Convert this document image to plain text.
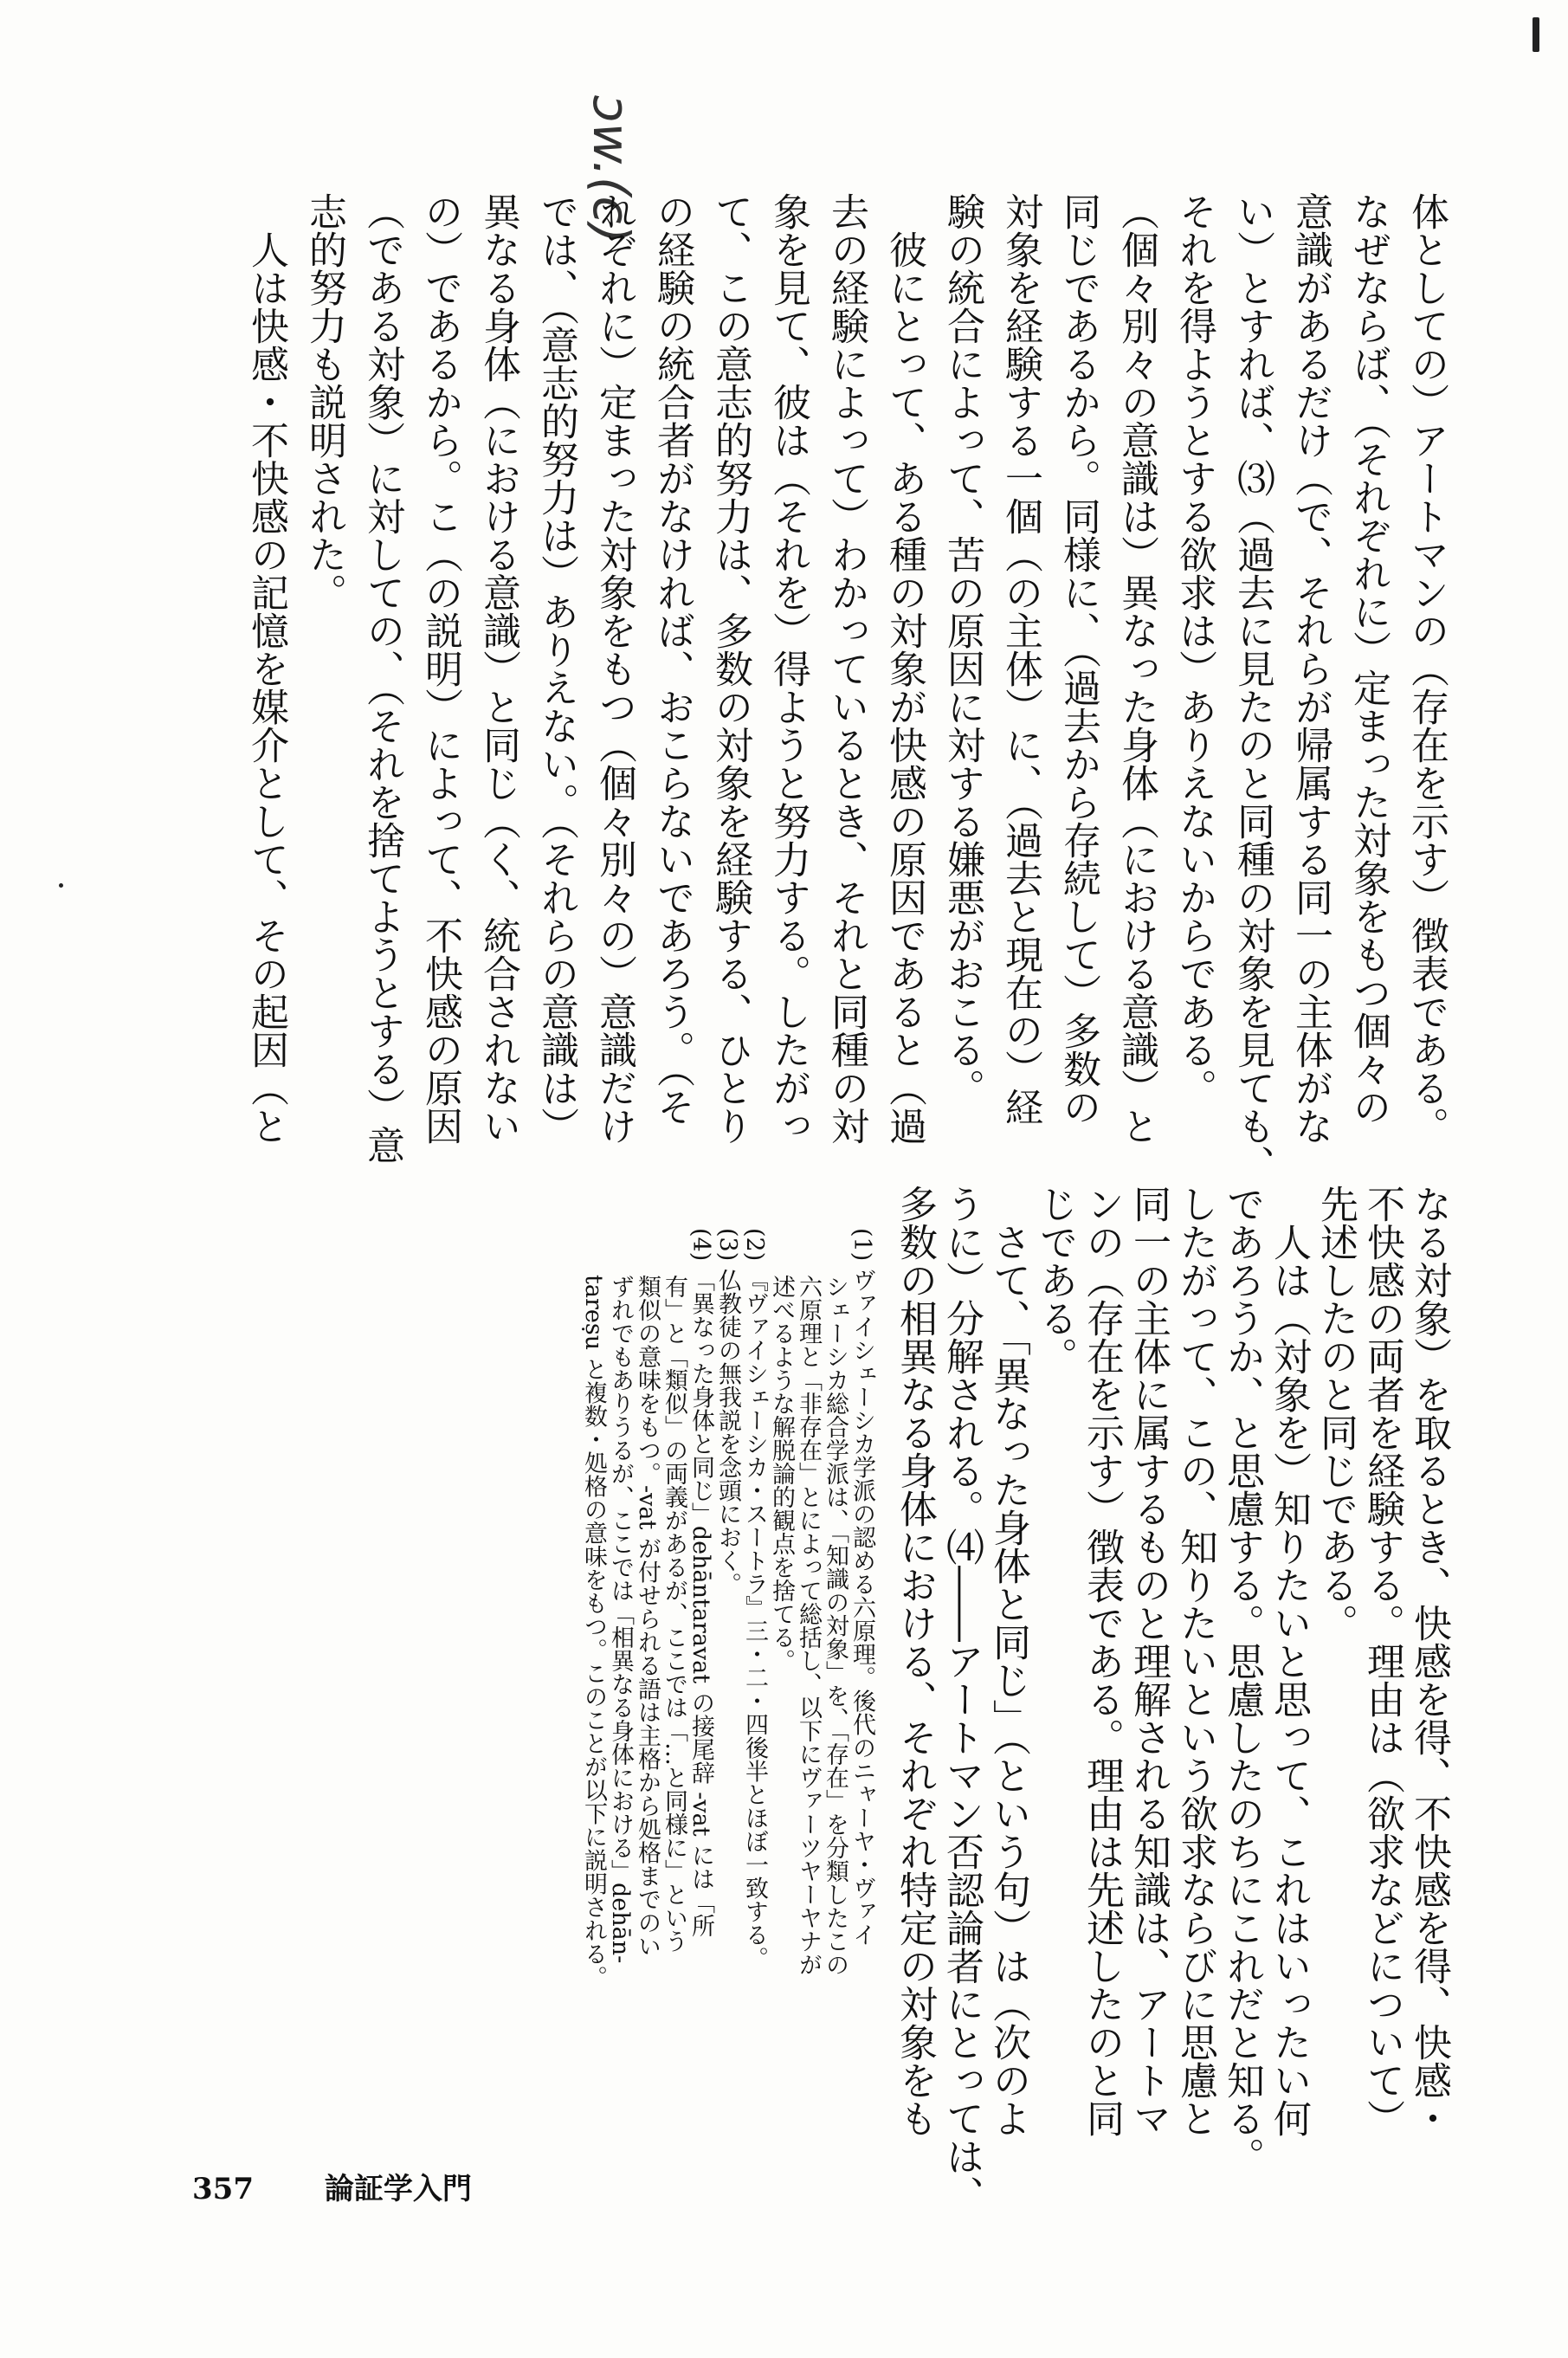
ɔw.(c)
体としての）アートマンの（存在を示す）徴表である。
なぜならば、（それぞれに）定まった対象をもつ個々の
意識があるだけ（で、それらが帰属する同一の主体がな
い）とすれば、⑶（過去に見たのと同種の対象を見ても、
それを得ようとする欲求は）ありえないからである。
（個々別々の意識は）異なった身体（における意識）と
同じであるから。同様に、（過去から存続して）多数の
対象を経験する一個（の主体）に、（過去と現在の）経
験の統合によって、苦の原因に対する嫌悪がおこる。
彼にとって、ある種の対象が快感の原因であると（過
去の経験によって）わかっているとき、それと同種の対
象を見て、彼は（それを）得ようと努力する。したがっ
て、この意志的努力は、多数の対象を経験する、ひとり
の経験の統合者がなければ、おこらないであろう。（そ
れぞれに）定まった対象をもつ（個々別々の）意識だけ
では、（意志的努力は）ありえない。（それらの意識は）
異なる身体（における意識）と同じ（く、統合されない
の）であるから。こ（の説明）によって、不快感の原因
（である対象）に対しての、（それを捨てようとする）意
志的努力も説明された。
人は快感・不快感の記憶を媒介として、その起因（と
なる対象）を取るとき、快感を得、不快感を得、快感・
不快感の両者を経験する。理由は（欲求などについて）
先述したのと同じである。
人は（対象を）知りたいと思って、これはいったい何
であろうか、と思慮する。思慮したのちにこれだと知る。
したがって、この、知りたいという欲求ならびに思慮と
同一の主体に属するものと理解される知識は、アートマ
ンの（存在を示す）徴表である。理由は先述したのと同
じである。
さて、「異なった身体と同じ」（という句）は（次のよ
うに）分解される。⑷――アートマン否認論者にとっては、
多数の相異なる身体における、それぞれ特定の対象をも
(1) ヴァイシェーシカ学派の認める六原理。後代のニャーヤ・ヴァイ
シェーシカ総合学派は、「知識の対象」を、「存在」を分類したこの
六原理と「非存在」とによって総括し、以下にヴァーツヤーヤナが
述べるような解脱論的観点を捨てる。
(2) 『ヴァイシェーシカ・スートラ』三・二・四後半とほぼ一致する。
(3) 仏教徒の無我説を念頭におく。
(4) 「異なった身体と同じ」dehāntaravat の接尾辞 -vat には「所
有」と「類似」の両義があるが、ここでは「…と同様に」という
類似の意味をもつ。-vat が付せられる語は主格から処格までのい
ずれでもありうるが、ここでは「相異なる身体における」dehān-
tareṣu と複数・処格の意味をもつ。このことが以下に説明される。
357 論証学入門
